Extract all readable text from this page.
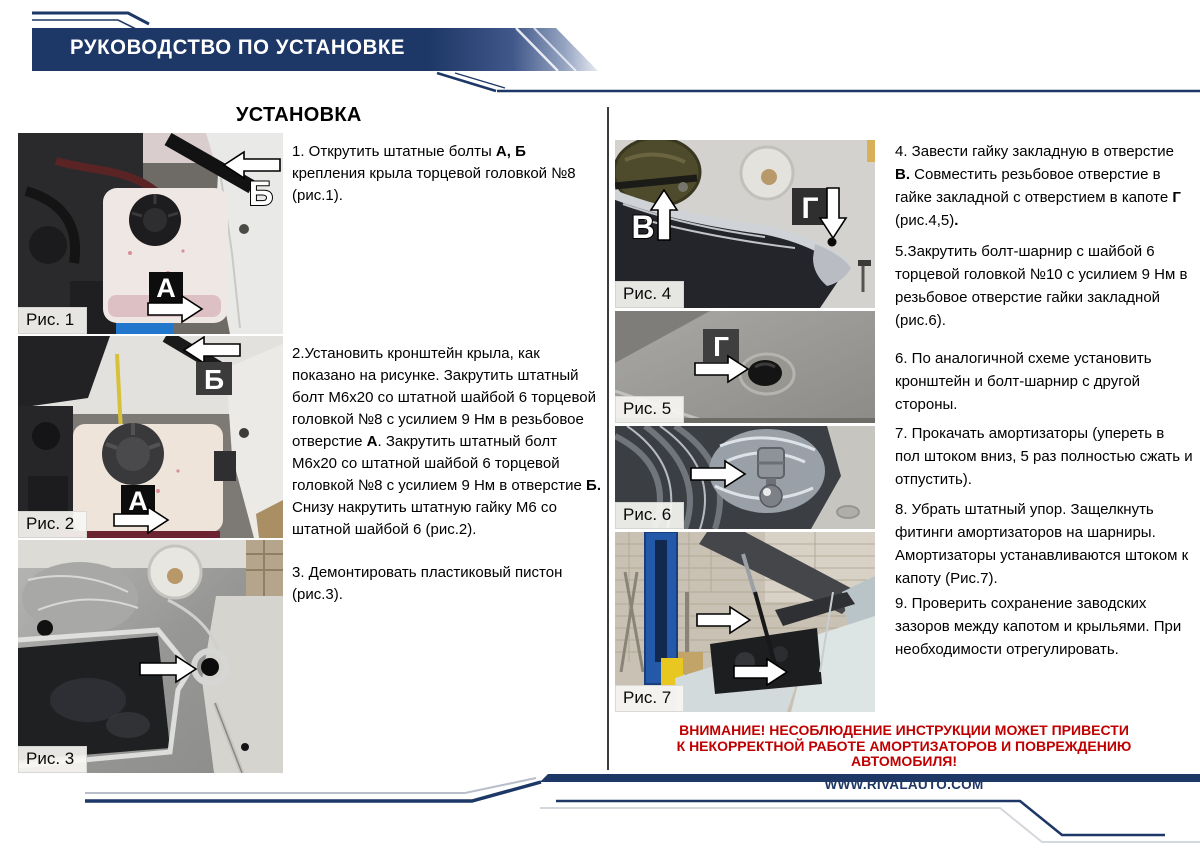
РУКОВОДСТВО ПО УСТАНОВКЕ
УСТАНОВКА
Б
А
Рис. 1

1. Открутить штатные болты А, Б крепления крыла торцевой головкой №8 (рис.1).

Б
А
Рис. 2

2.Установить кронштейн крыла, как показано на рисунке. Закрутить штатный болт М6х20 со штатной шайбой 6 торцевой головкой №8 с усилием 9 Нм в резьбовое отверстие А. Закрутить штатный болт М6х20 со штатной шайбой 6 торцевой головкой №8 с усилием 9 Нм в отверстие Б. Снизу накрутить штатную гайку М6 со штатной шайбой 6 (рис.2).

3. Демонтировать пластиковый пистон (рис.3).

Рис. 3
В
Г
Рис. 4

4. Завести гайку закладную в отверстие В. Совместить резьбовое отверстие в гайке закладной с отверстием в капоте Г (рис.4,5).

5.Закрутить болт-шарнир с шайбой 6 торцевой головкой №10 с усилием 9 Нм в резьбовое отверстие гайки закладной (рис.6).

Г
Рис. 5

6. По аналогичной схеме установить кронштейн и болт-шарнир с другой стороны.

Рис. 6

7. Прокачать амортизаторы (упереть в пол штоком вниз, 5 раз полностью сжать и отпустить).

8. Убрать штатный упор. Защелкнуть фитинги амортизаторов на шарниры. Амортизаторы устанавливаются штоком к капоту (Рис.7).

9. Проверить сохранение заводских зазоров между капотом и крыльями. При необходимости отрегулировать.

Рис. 7
ВНИМАНИЕ! НЕСОБЛЮДЕНИЕ ИНСТРУКЦИИ МОЖЕТ ПРИВЕСТИ К НЕКОРРЕКТНОЙ РАБОТЕ АМОРТИЗАТОРОВ И ПОВРЕЖДЕНИЮ АВТОМОБИЛЯ!
WWW.RIVALAUTO.COM
